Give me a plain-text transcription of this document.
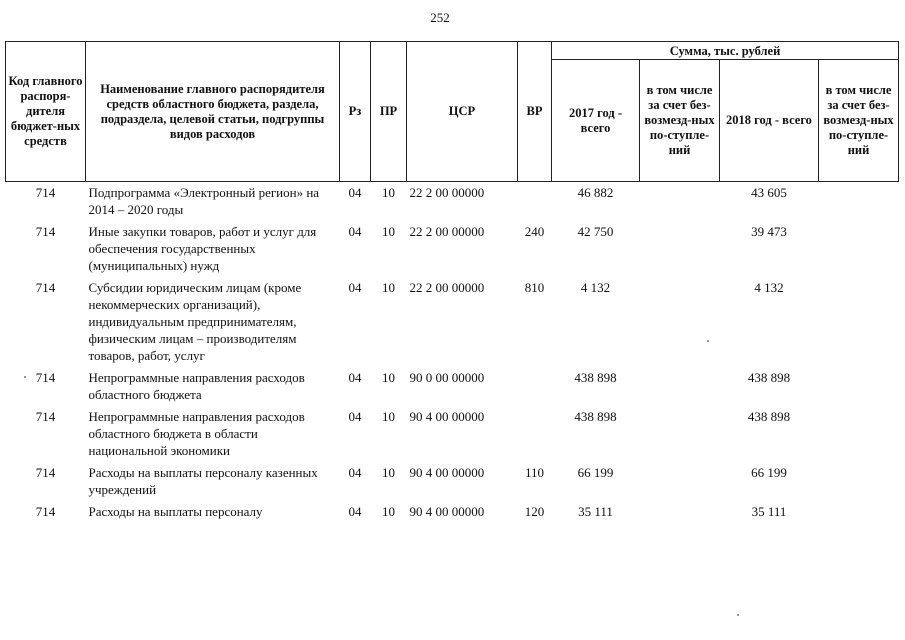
252
Код главного распоря-дителя бюджет-ных средств	Наименование главного распорядителя средств областного бюджета, раздела, подраздела, целевой статьи, подгруппы видов расходов	Рз	ПР	ЦСР	ВР	Сумма, тыс. рублей			
						2017 год - всего	в том числе за счет без-возмезд-ных по-ступле-ний	2018 год - всего	в том числе за счет без-возмезд-ных по-ступле-ний
714	Подпрограмма «Электронный регион» на 2014 – 2020 годы	04	10	22 2 00 00000		46 882		43 605	
714	Иные закупки товаров, работ и услуг для обеспечения государственных (муниципальных) нужд	04	10	22 2 00 00000	240	42 750		39 473	
714	Субсидии юридическим лицам (кроме некоммерческих организаций), индивидуальным предпринимателям, физическим лицам – производителям товаров, работ, услуг	04	10	22 2 00 00000	810	4 132		4 132	
714	Непрограммные направления расходов областного бюджета	04	10	90 0 00 00000		438 898		438 898	
714	Непрограммные направления расходов областного бюджета в области национальной экономики	04	10	90 4 00 00000		438 898		438 898	
714	Расходы на выплаты персоналу казенных учреждений	04	10	90 4 00 00000	110	66 199		66 199	
714	Расходы на выплаты персоналу	04	10	90 4 00 00000	120	35 111		35 111	
